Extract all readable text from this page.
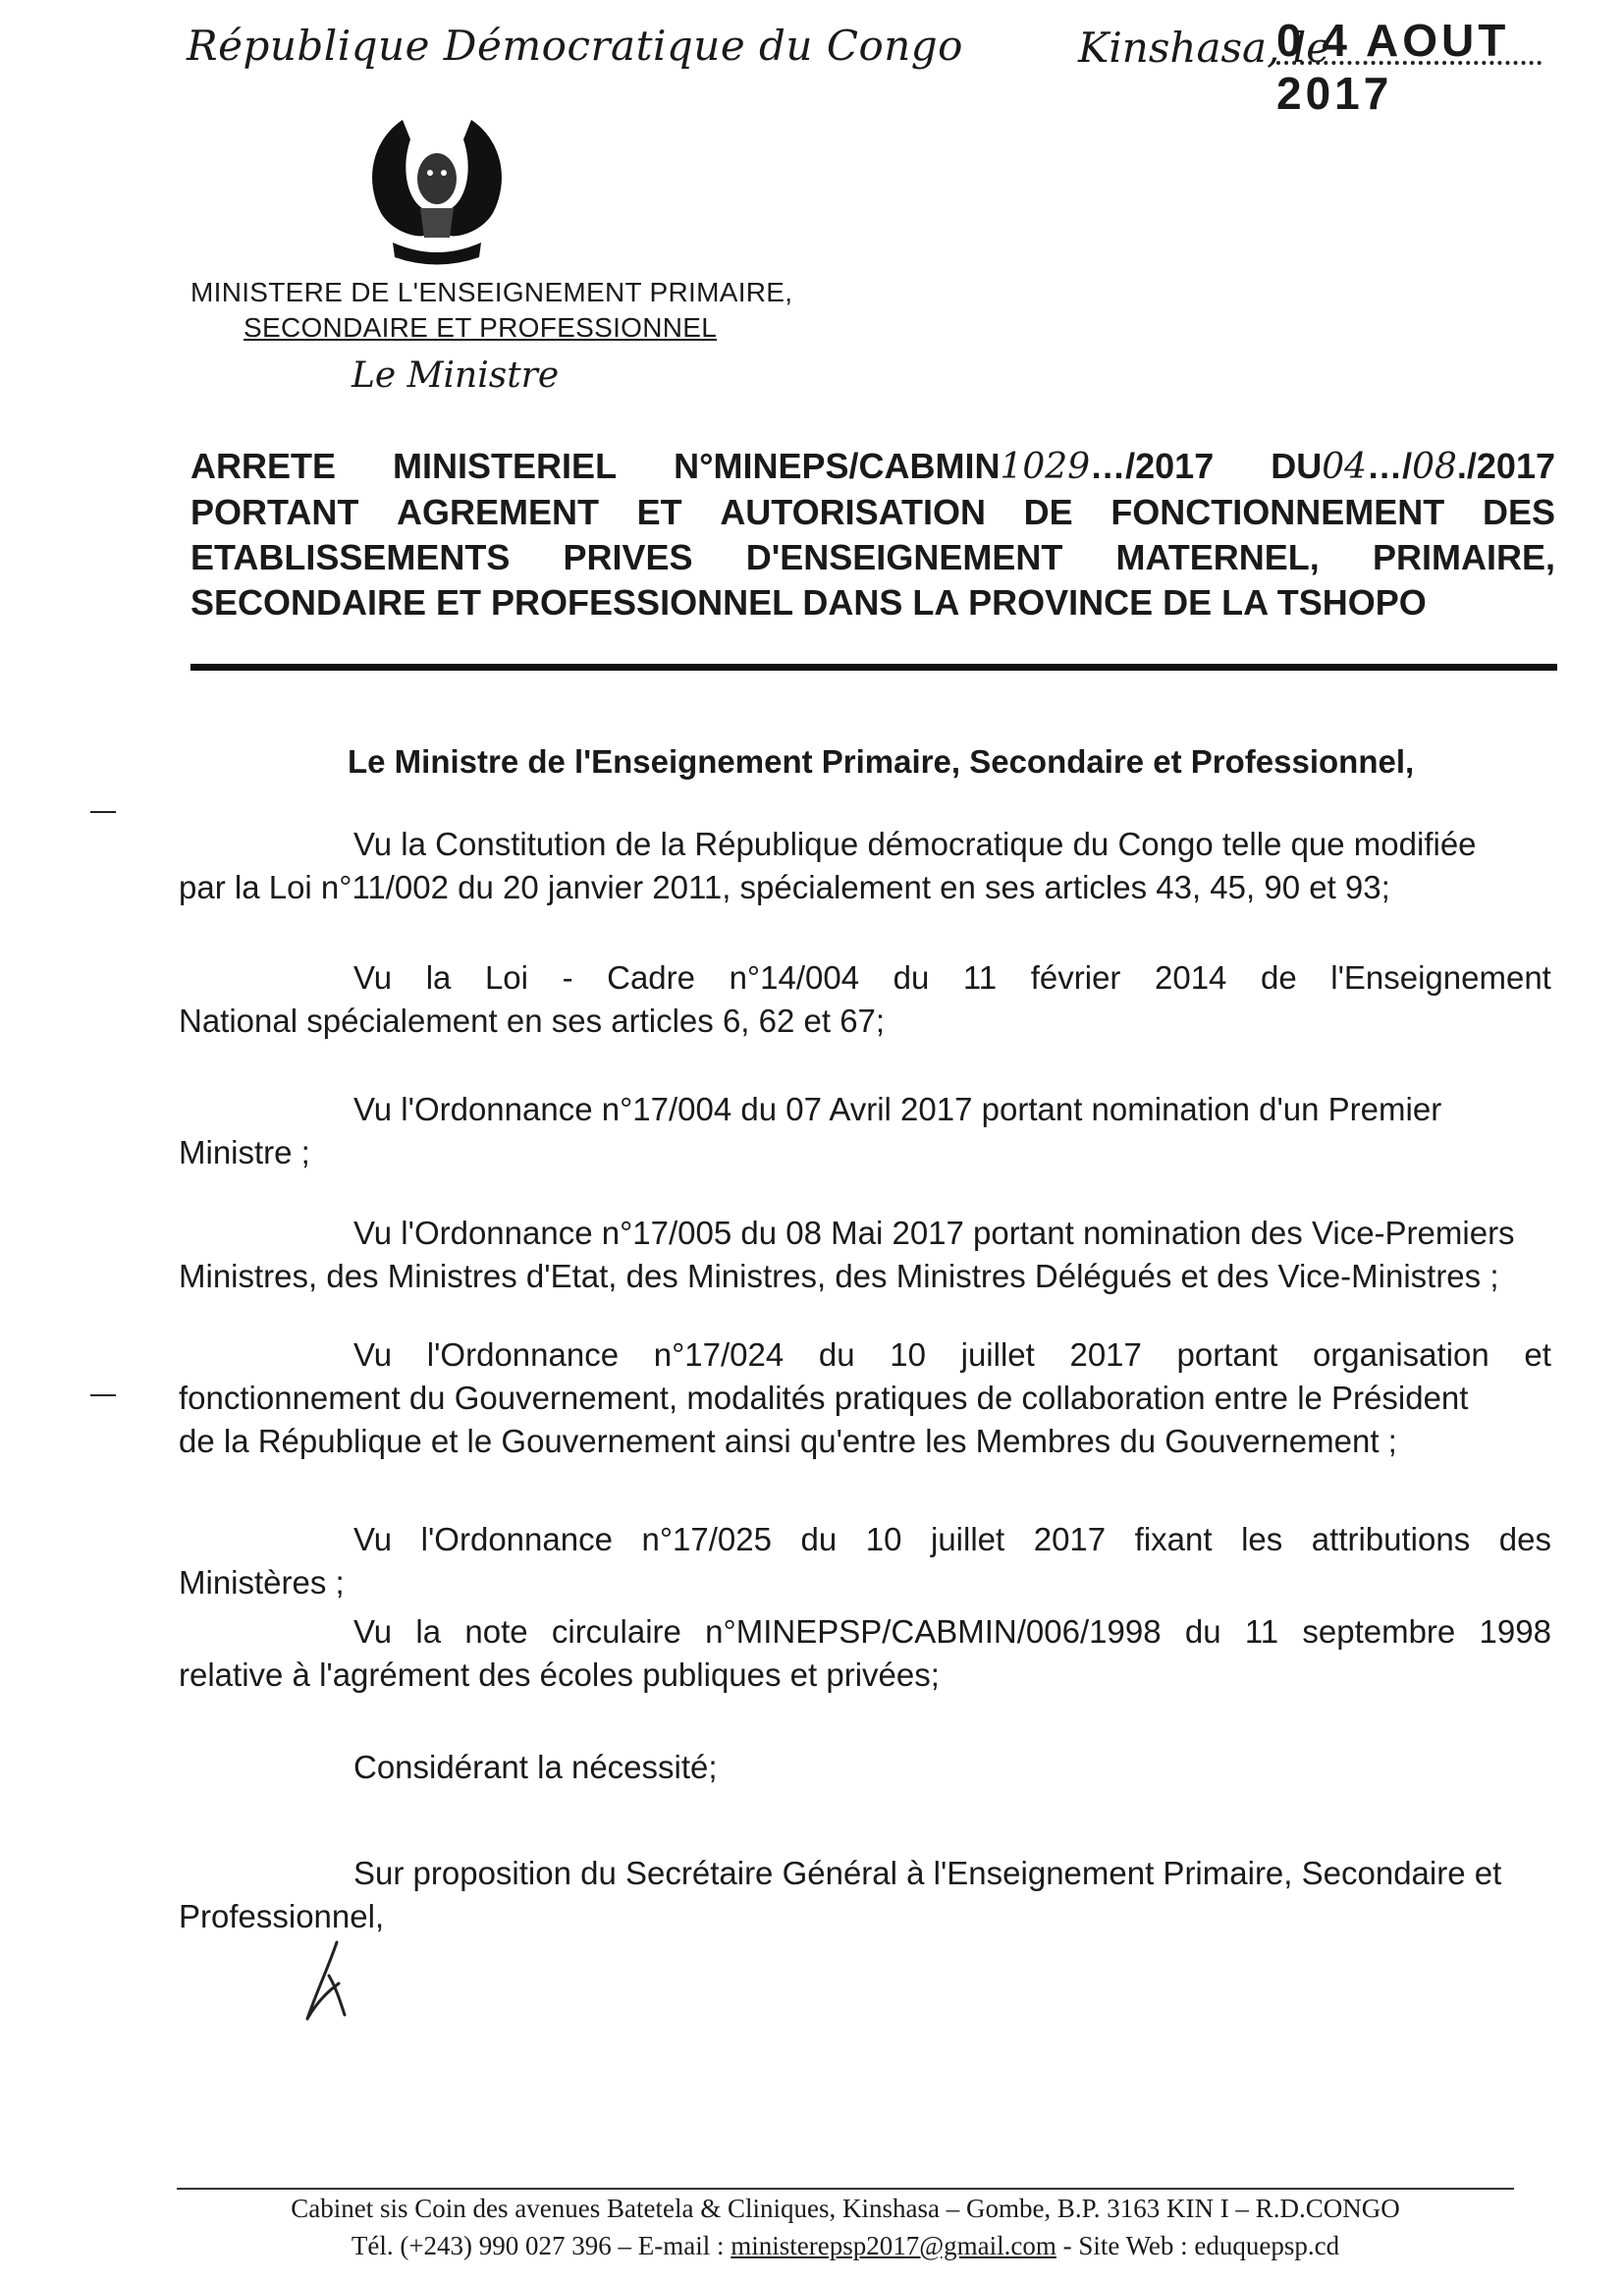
République Démocratique du Congo	Kinshasa, le
0 4 AOUT 2017
MINISTERE DE L'ENSEIGNEMENT PRIMAIRE,
SECONDAIRE ET PROFESSIONNEL
Le Ministre
ARRETE MINISTERIEL N°MINEPS/CABMIN1029…/2017 DU04…/08./2017
PORTANT AGREMENT ET AUTORISATION DE FONCTIONNEMENT DES
ETABLISSEMENTS PRIVES D'ENSEIGNEMENT MATERNEL, PRIMAIRE,
SECONDAIRE ET PROFESSIONNEL DANS LA PROVINCE DE LA TSHOPO
Le Ministre de l'Enseignement Primaire, Secondaire et Professionnel,
Vu la Constitution de la République démocratique du Congo telle que modifiée
par la Loi n°11/002 du 20 janvier 2011, spécialement en ses articles 43, 45, 90 et 93;
Vu la Loi - Cadre n°14/004 du 11 février 2014 de l'Enseignement
National spécialement en ses articles 6, 62 et 67;
Vu l'Ordonnance n°17/004 du 07 Avril 2017 portant nomination d'un Premier
Ministre ;
Vu l'Ordonnance n°17/005 du 08 Mai 2017 portant nomination des Vice-Premiers
Ministres, des Ministres d'Etat, des Ministres, des Ministres Délégués et des Vice-Ministres ;
Vu l'Ordonnance n°17/024 du 10 juillet 2017 portant organisation et
fonctionnement du Gouvernement, modalités pratiques de collaboration entre le Président
de la République et le Gouvernement ainsi qu'entre les Membres du Gouvernement ;
Vu l'Ordonnance n°17/025 du 10 juillet 2017 fixant les attributions des
Ministères ;
Vu la note circulaire n°MINEPSP/CABMIN/006/1998 du 11 septembre 1998
relative à l'agrément des écoles publiques et privées;
Considérant la nécessité;
Sur proposition du Secrétaire Général à l'Enseignement Primaire, Secondaire et
Professionnel,
Cabinet sis Coin des avenues Batetela & Cliniques, Kinshasa – Gombe, B.P. 3163 KIN I – R.D.CONGO
Tél. (+243) 990 027 396 – E-mail : ministerepsp2017@gmail.com - Site Web : eduquepsp.cd
